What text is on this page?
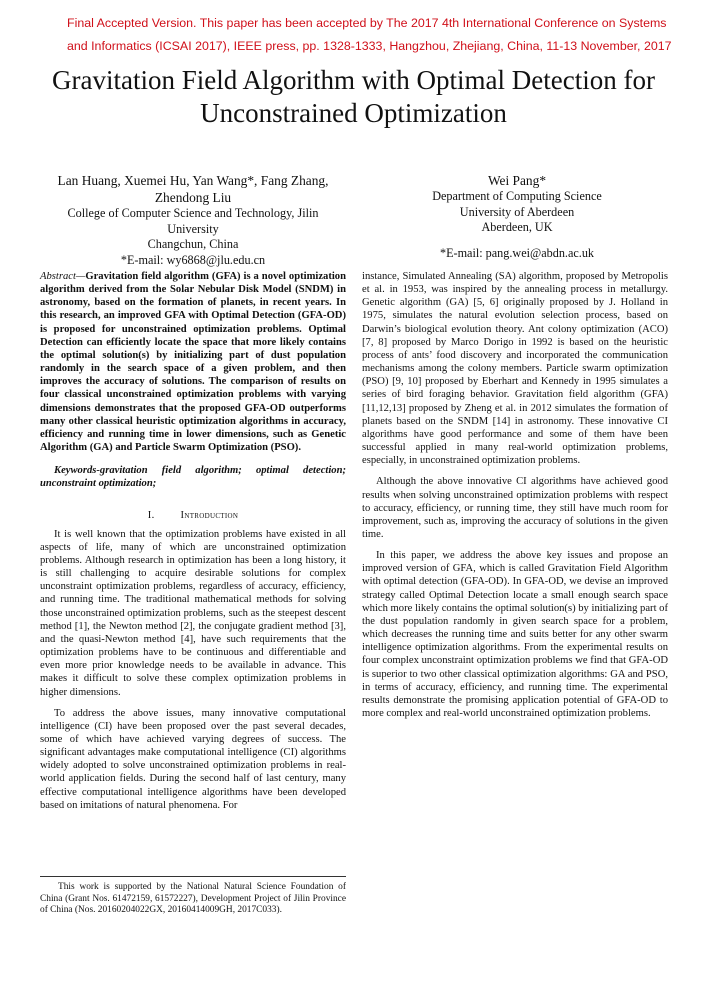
Final Accepted Version. This paper has been accepted by The 2017 4th International Conference on Systems and Informatics (ICSAI 2017), IEEE press, pp. 1328-1333, Hangzhou, Zhejiang, China, 11-13 November, 2017
Gravitation Field Algorithm with Optimal Detection for Unconstrained Optimization
Lan Huang, Xuemei Hu, Yan Wang*, Fang Zhang, Zhendong Liu
College of Computer Science and Technology, Jilin University
Changchun, China
*E-mail: wy6868@jlu.edu.cn
Wei Pang*
Department of Computing Science
University of Aberdeen
Aberdeen, UK
*E-mail: pang.wei@abdn.ac.uk

Abstract—Gravitation field algorithm (GFA) is a novel optimization algorithm derived from the Solar Nebular Disk Model (SNDM) in astronomy, based on the formation of planets, in recent years. In this research, an improved GFA with Optimal Detection (GFA-OD) is proposed for unconstrained optimization problems. Optimal Detection can efficiently locate the space that more likely contains the optimal solution(s) by initializing part of dust population randomly in the search space of a given problem, and then improves the accuracy of solutions. The comparison of results on four classical unconstrained optimization problems with varying dimensions demonstrates that the proposed GFA-OD outperforms many other classical heuristic optimization algorithms in accuracy, efficiency and running time in lower dimensions, such as Genetic Algorithm (GA) and Particle Swarm Optimization (PSO).

Keywords-gravitation field algorithm; optimal detection; unconstraint optimization;

I. Introduction

It is well known that the optimization problems have existed in all aspects of life, many of which are unconstrained optimization problems. Although research in optimization has been a long history, it is still challenging to acquire desirable solutions for complex unconstraint optimization problems, regardless of accuracy, efficiency, and running time. The traditional mathematical methods for solving those unconstrained optimization problems, such as the steepest descent method [1], the Newton method [2], the conjugate gradient method [3], and the quasi-Newton method [4], have such requirements that the optimization problems have to be continuous and differentiable and even more prior knowledge needs to be available in advance. This makes it difficult to solve these complex optimization problems in higher dimensions.

To address the above issues, many innovative computational intelligence (CI) have been proposed over the past several decades, some of which have achieved varying degrees of success. The significant advantages make computational intelligence (CI) algorithms widely adopted to solve unconstrained optimization problems in real-world application fields. During the second half of last century, many effective computational intelligence algorithms have been developed based on imitations of natural phenomena. For

instance, Simulated Annealing (SA) algorithm, proposed by Metropolis et al. in 1953, was inspired by the annealing process in metallurgy. Genetic algorithm (GA) [5, 6] originally proposed by J. Holland in 1975, simulates the natural evolution selection process, based on Darwin’s biological evolution theory. Ant colony optimization (ACO) [7, 8] proposed by Marco Dorigo in 1992 is based on the heuristic process of ants’ food discovery and incorporated the communication mechanisms among the colony members. Particle swarm optimization (PSO) [9, 10] proposed by Eberhart and Kennedy in 1995 simulates a series of bird foraging behavior. Gravitation field algorithm (GFA) [11,12,13] proposed by Zheng et al. in 2012 simulates the formation of planets based on the SNDM [14] in astronomy. These innovative CI algorithms have good performance and some of them have been successful applied in many real-world optimization problems, especially, in unconstrained optimization problems.

Although the above innovative CI algorithms have achieved good results when solving unconstrained optimization problems with respect to accuracy, efficiency, or running time, they still have much room for improvement, such as, improving the accuracy of solutions in the given time.

In this paper, we address the above key issues and propose an improved version of GFA, which is called Gravitation Field Algorithm with optimal detection (GFA-OD). In GFA-OD, we devise an improved strategy called Optimal Detection locate a small enough search space which more likely contains the optimal solution(s) by initializing part of the dust population randomly in given search space for a problem, which decreases the running time and suits better for any other swarm intelligence optimization algorithms. From the experimental results on four complex unconstraint optimization problems we find that GFA-OD is superior to two other classical optimization algorithms: GA and PSO, in terms of accuracy, efficiency, and running time. The experimental results demonstrate the promising application potential of GFA-OD to more complex and real-world unconstrained optimization problems.

This work is supported by the National Natural Science Foundation of China (Grant Nos. 61472159, 61572227), Development Project of Jilin Province of China (Nos. 20160204022GX, 20160414009GH, 2017C033).
